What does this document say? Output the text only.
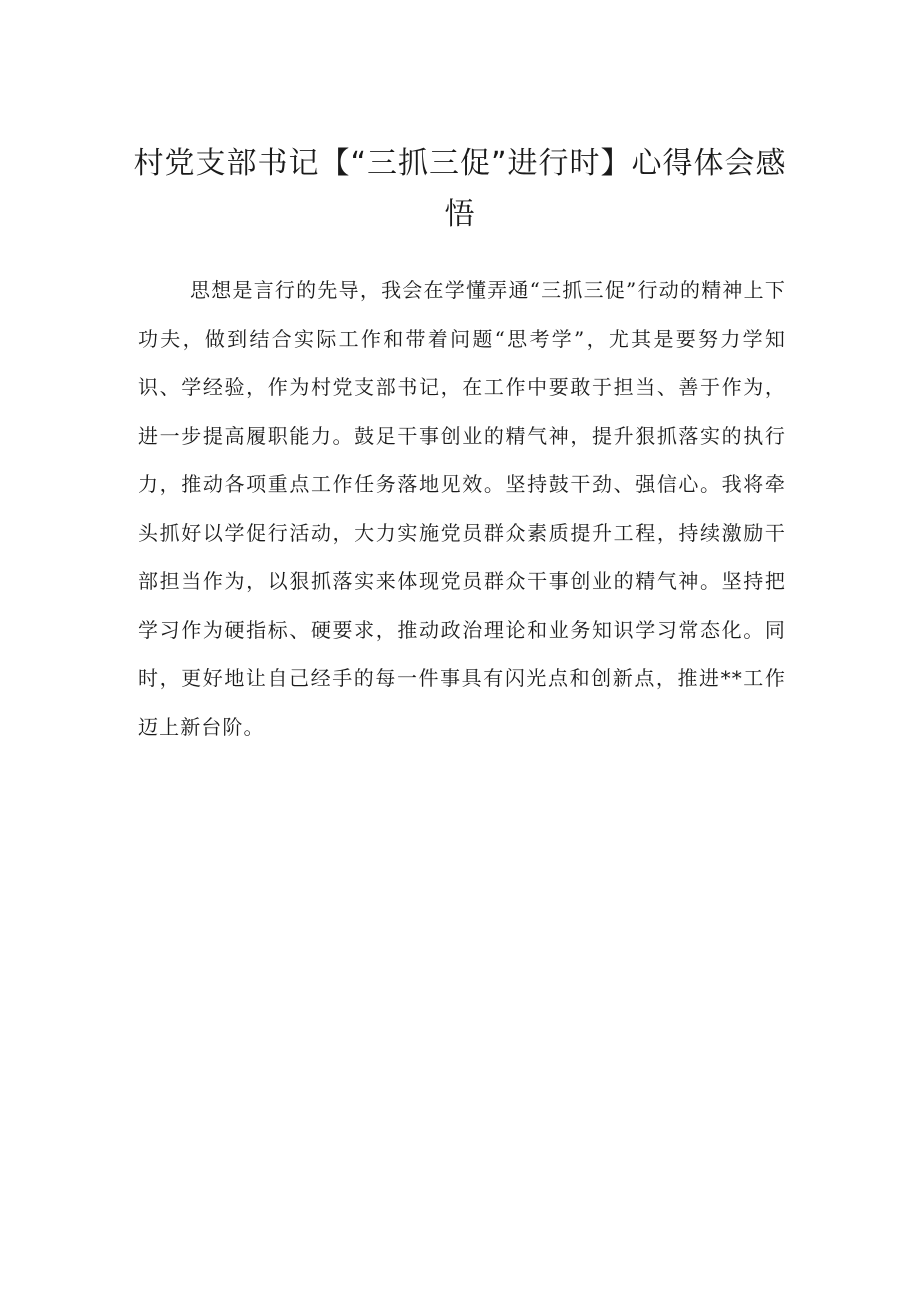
村党支部书记【“三抓三促”进行时】心得体会感悟

思想是言行的先导，我会在学懂弄通“三抓三促”行动的精神上下功夫，做到结合实际工作和带着问题“思考学”，尤其是要努力学知识、学经验，作为村党支部书记，在工作中要敢于担当、善于作为，进一步提高履职能力。鼓足干事创业的精气神，提升狠抓落实的执行力，推动各项重点工作任务落地见效。坚持鼓干劲、强信心。我将牵头抓好以学促行活动，大力实施党员群众素质提升工程，持续激励干部担当作为，以狠抓落实来体现党员群众干事创业的精气神。坚持把学习作为硬指标、硬要求，推动政治理论和业务知识学习常态化。同时，更好地让自己经手的每一件事具有闪光点和创新点，推进**工作迈上新台阶。
